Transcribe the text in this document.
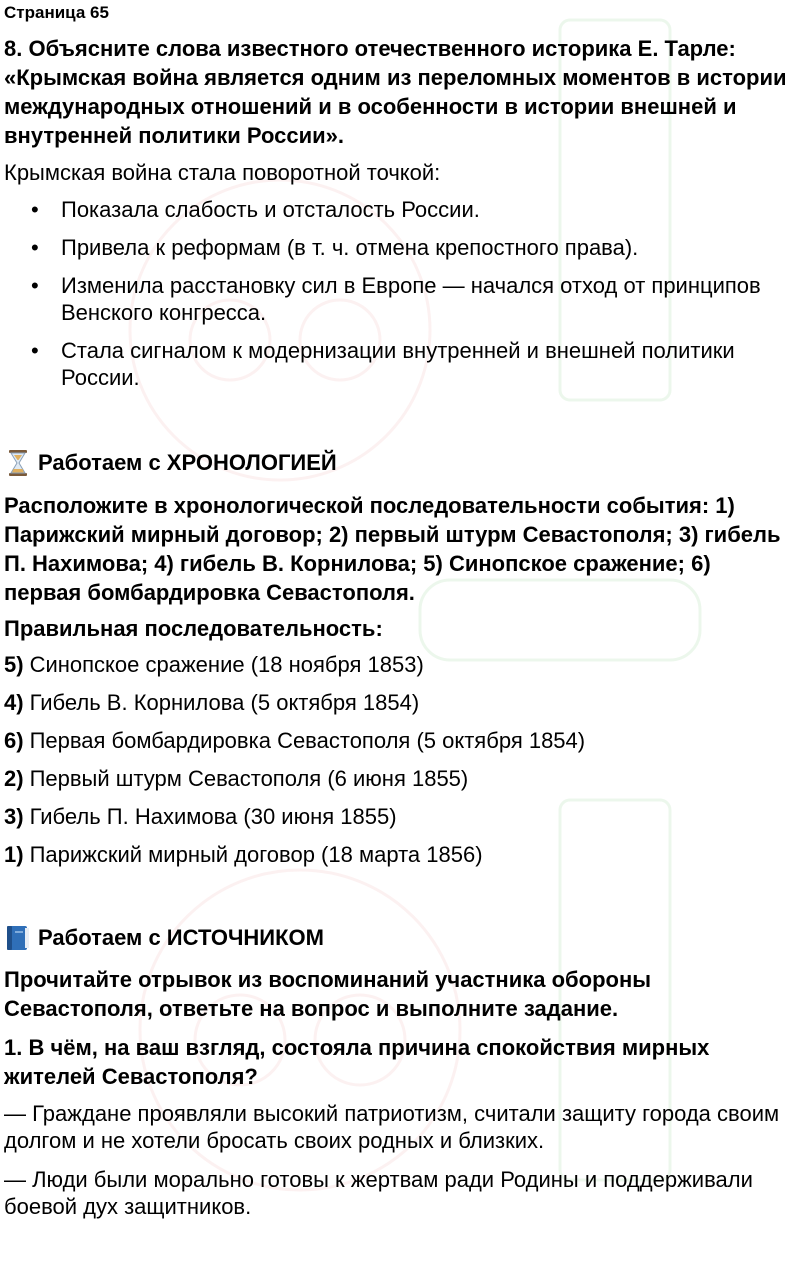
Страница 65
8. Объясните слова известного отечественного историка Е. Тарле: «Крымская война является одним из переломных моментов в истории международных отношений и в особенности в истории внешней и внутренней политики России».
Крымская война стала поворотной точкой:
• Показала слабость и отсталость России.
• Привела к реформам (в т. ч. отмена крепостного права).
• Изменила расстановку сил в Европе — начался отход от принципов Венского конгресса.
• Стала сигналом к модернизации внутренней и внешней политики России.
Работаем с ХРОНОЛОГИЕЙ
Расположите в хронологической последовательности события: 1) Парижский мирный договор; 2) первый штурм Севастополя; 3) гибель П. Нахимова; 4) гибель В. Корнилова; 5) Синопское сражение; 6) первая бомбардировка Севастополя.
Правильная последовательность:
5) Синопское сражение (18 ноября 1853)
4) Гибель В. Корнилова (5 октября 1854)
6) Первая бомбардировка Севастополя (5 октября 1854)
2) Первый штурм Севастополя (6 июня 1855)
3) Гибель П. Нахимова (30 июня 1855)
1) Парижский мирный договор (18 марта 1856)
Работаем с ИСТОЧНИКОМ
Прочитайте отрывок из воспоминаний участника обороны Севастополя, ответьте на вопрос и выполните задание.
1. В чём, на ваш взгляд, состояла причина спокойствия мирных жителей Севастополя?
— Граждане проявляли высокий патриотизм, считали защиту города своим долгом и не хотели бросать своих родных и близких.
— Люди были морально готовы к жертвам ради Родины и поддерживали боевой дух защитников.
